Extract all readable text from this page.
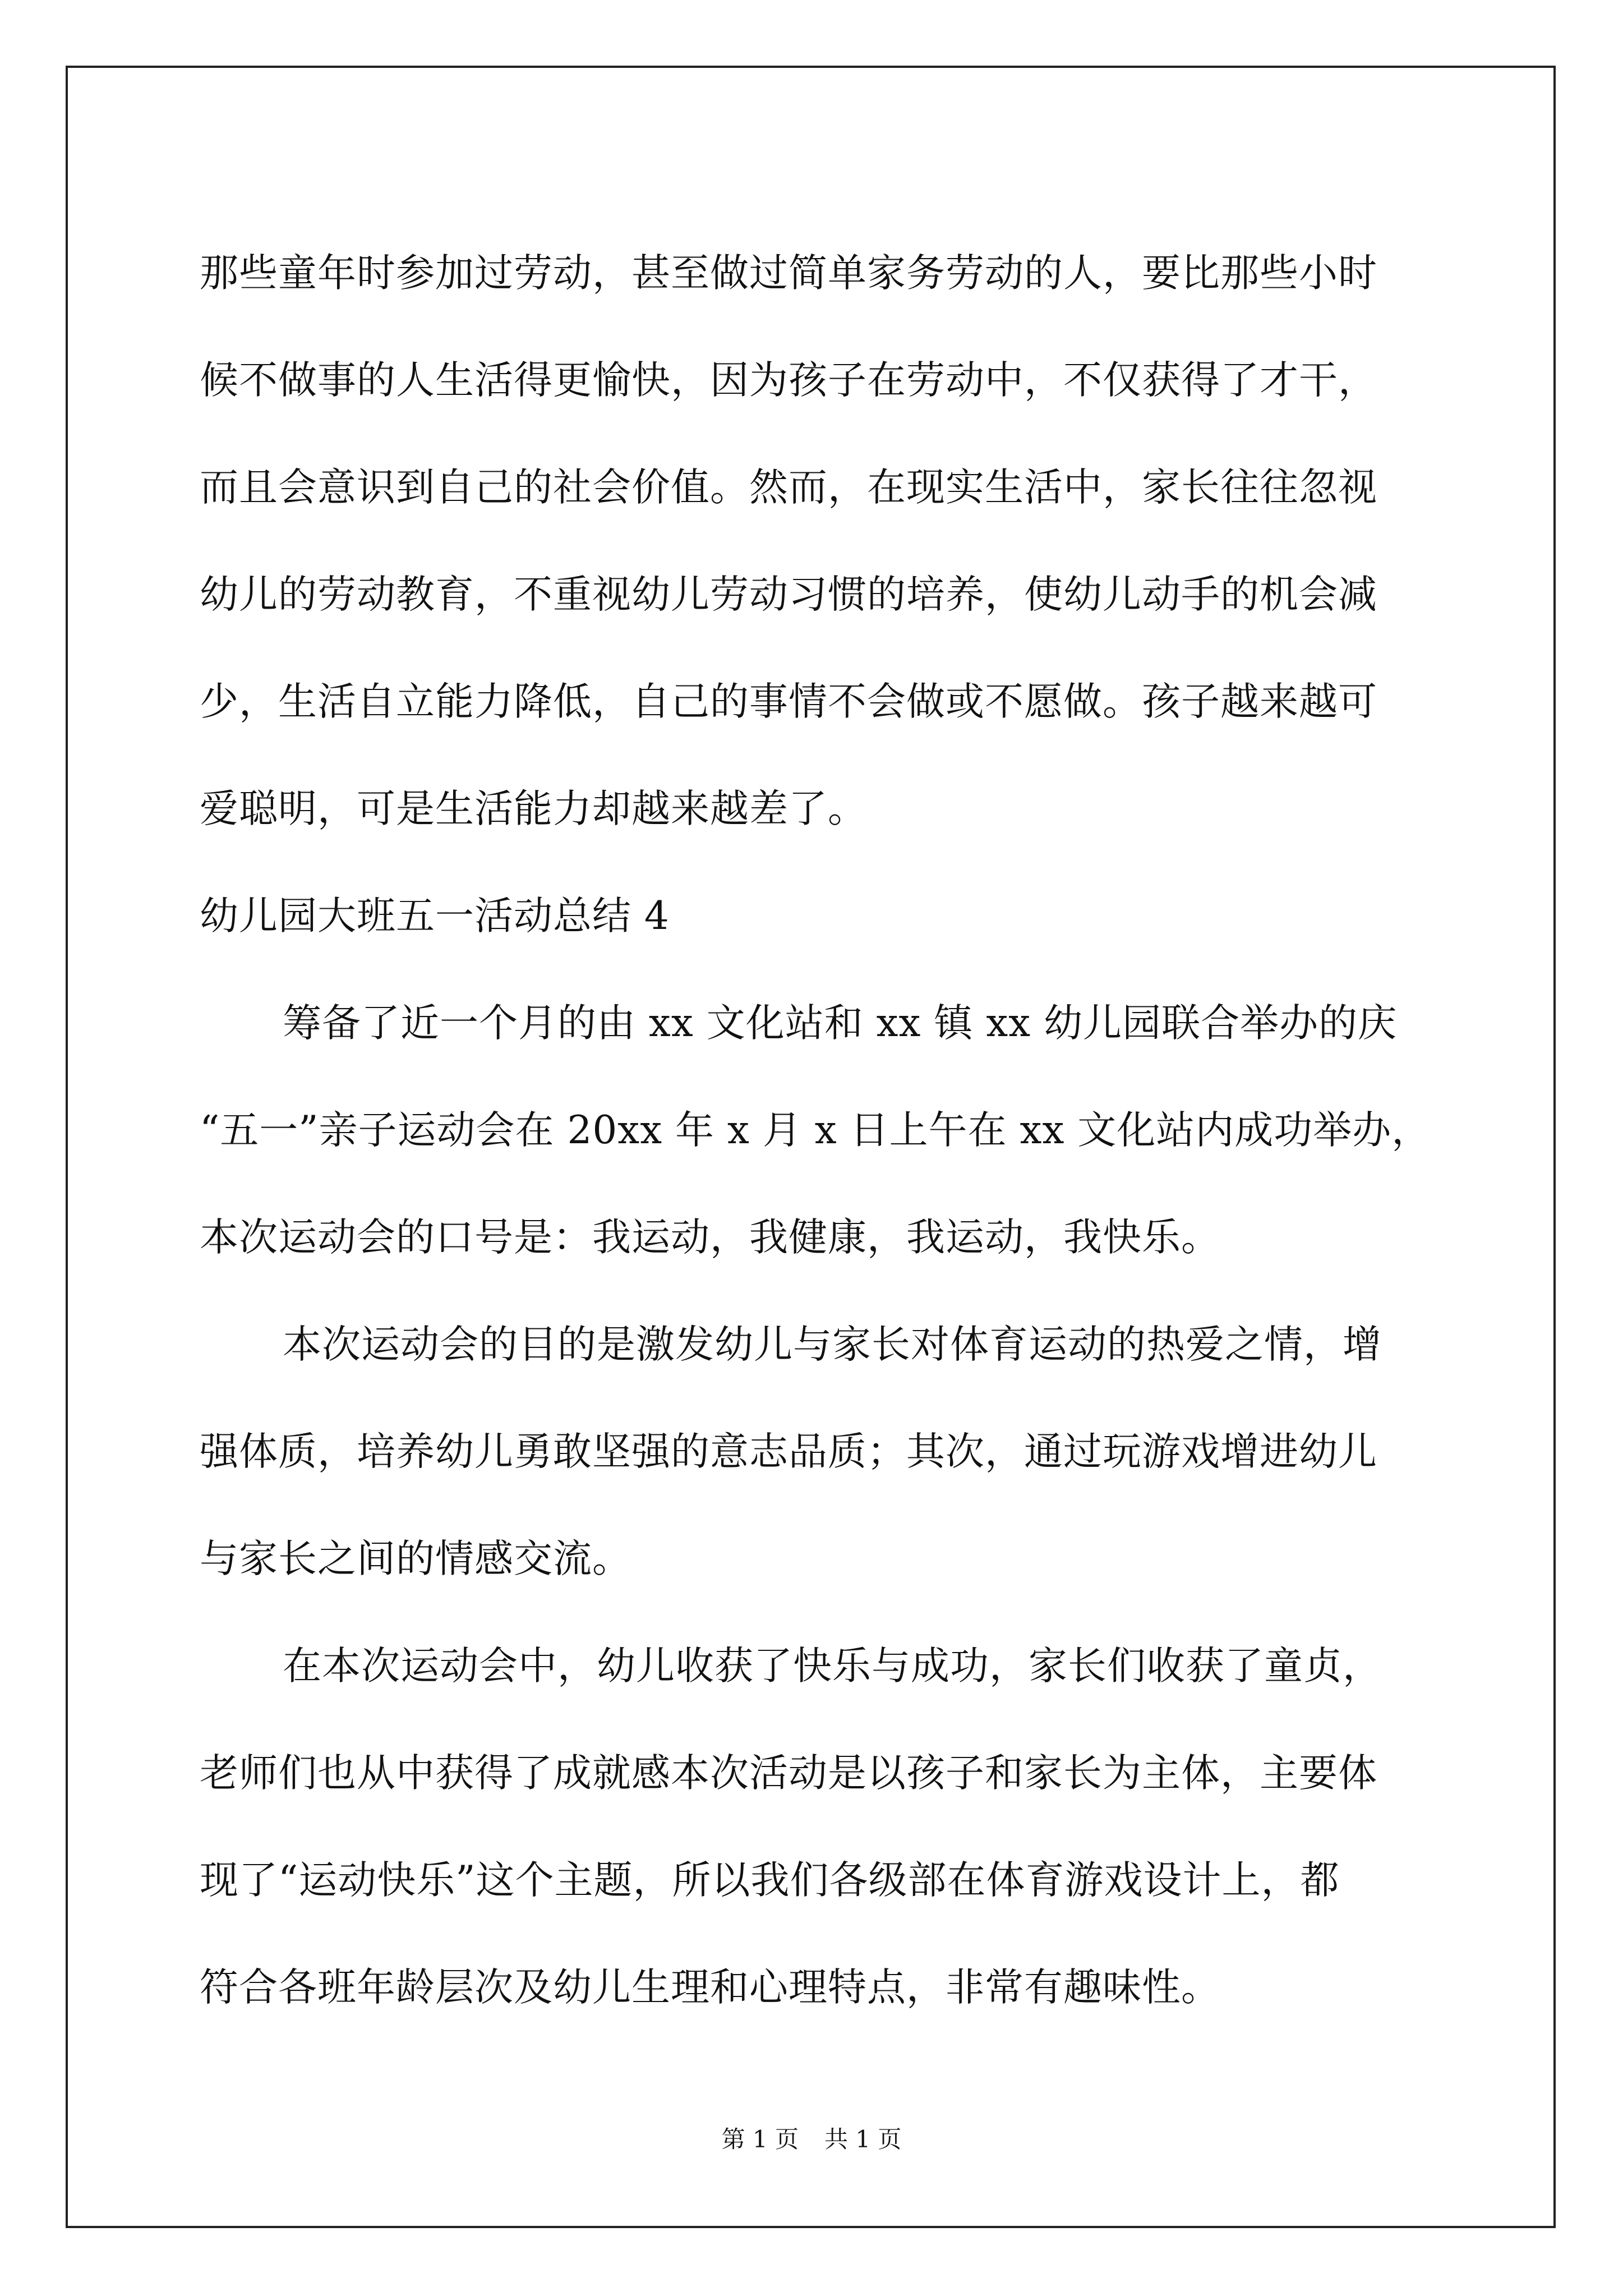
那些童年时参加过劳动，甚至做过简单家务劳动的人，要比那些小时
候不做事的人生活得更愉快，因为孩子在劳动中，不仅获得了才干，
而且会意识到自己的社会价值。然而，在现实生活中，家长往往忽视
幼儿的劳动教育，不重视幼儿劳动习惯的培养，使幼儿动手的机会减
少，生活自立能力降低，自己的事情不会做或不愿做。孩子越来越可
爱聪明，可是生活能力却越来越差了。
幼儿园大班五一活动总结 4
筹备了近一个月的由 xx 文化站和 xx 镇 xx 幼儿园联合举办的庆
“五一”亲子运动会在 20xx 年 x 月 x 日上午在 xx 文化站内成功举办，
本次运动会的口号是：我运动，我健康，我运动，我快乐。
本次运动会的目的是激发幼儿与家长对体育运动的热爱之情，增
强体质，培养幼儿勇敢坚强的意志品质；其次，通过玩游戏增进幼儿
与家长之间的情感交流。
在本次运动会中，幼儿收获了快乐与成功，家长们收获了童贞，
老师们也从中获得了成就感本次活动是以孩子和家长为主体，主要体
现了“运动快乐”这个主题，所以我们各级部在体育游戏设计上，都
符合各班年龄层次及幼儿生理和心理特点，非常有趣味性。
第 1 页 共 1 页
